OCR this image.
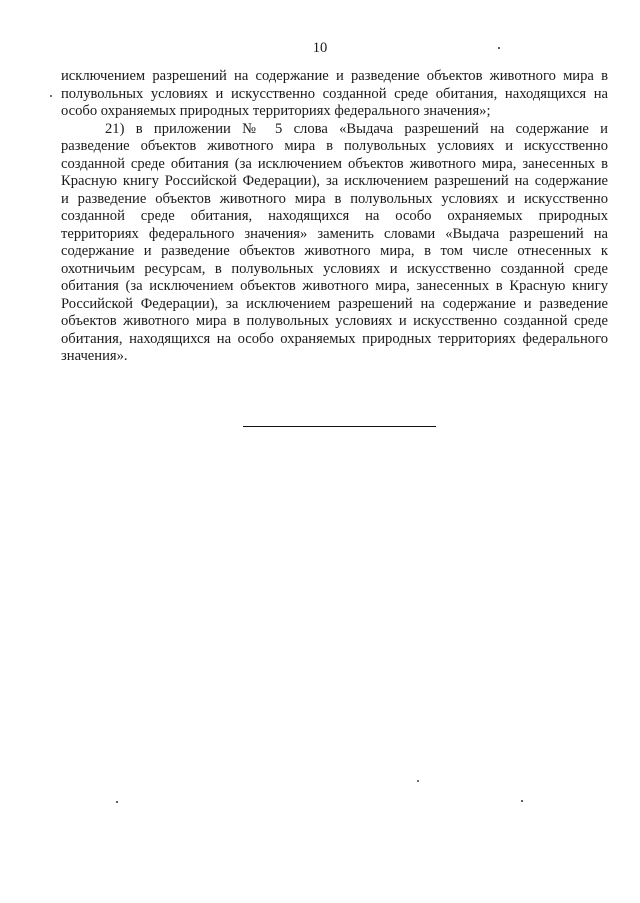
10
исключением разрешений на содержание и разведение объектов животного мира в
полувольных условиях и искусственно созданной среде обитания, находящихся на
особо охраняемых природных территориях федерального значения»;
21) в приложении № 5 слова «Выдача разрешений на содержание и
разведение объектов животного мира в полувольных условиях и искусственно
созданной среде обитания (за исключением объектов животного мира, занесенных в
Красную книгу Российской Федерации), за исключением разрешений на содержание
и разведение объектов животного мира в полувольных условиях и искусственно
созданной среде обитания, находящихся на особо охраняемых природных
территориях федерального значения» заменить словами «Выдача разрешений на
содержание и разведение объектов животного мира, в том числе отнесенных к
охотничьим ресурсам, в полувольных условиях и искусственно созданной среде
обитания (за исключением объектов животного мира, занесенных в Красную книгу
Российской Федерации), за исключением разрешений на содержание и разведение
объектов животного мира в полувольных условиях и искусственно созданной среде
обитания, находящихся на особо охраняемых природных территориях федерального
значения».
